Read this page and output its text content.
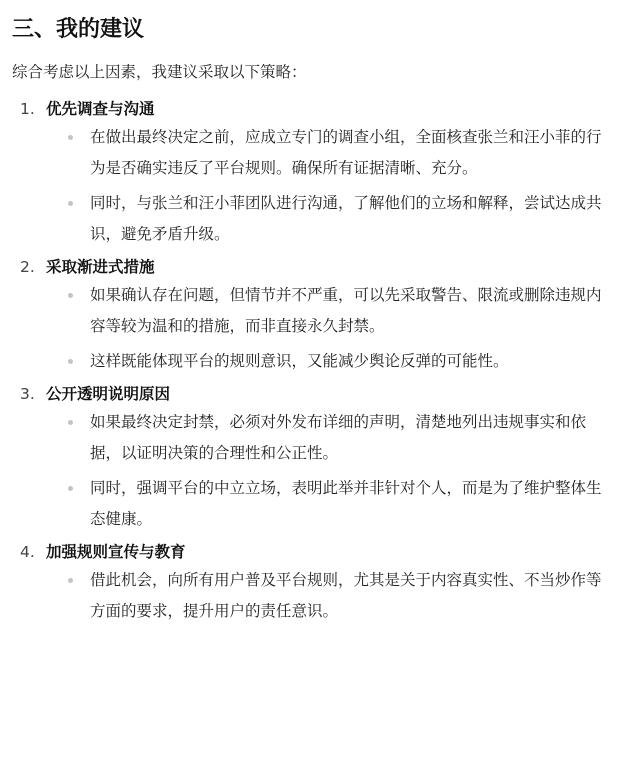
三、我的建议
综合考虑以上因素，我建议采取以下策略：
1. 优先调查与沟通
在做出最终决定之前，应成立专门的调查小组，全面核查张兰和汪小菲的行为是否确实违反了平台规则。确保所有证据清晰、充分。
同时，与张兰和汪小菲团队进行沟通，了解他们的立场和解释，尝试达成共识，避免矛盾升级。
2. 采取渐进式措施
如果确认存在问题，但情节并不严重，可以先采取警告、限流或删除违规内容等较为温和的措施，而非直接永久封禁。
这样既能体现平台的规则意识，又能减少舆论反弹的可能性。
3. 公开透明说明原因
如果最终决定封禁，必须对外发布详细的声明，清楚地列出违规事实和依据，以证明决策的合理性和公正性。
同时，强调平台的中立立场，表明此举并非针对个人，而是为了维护整体生态健康。
4. 加强规则宣传与教育
借此机会，向所有用户普及平台规则，尤其是关于内容真实性、不当炒作等方面的要求，提升用户的责任意识。
